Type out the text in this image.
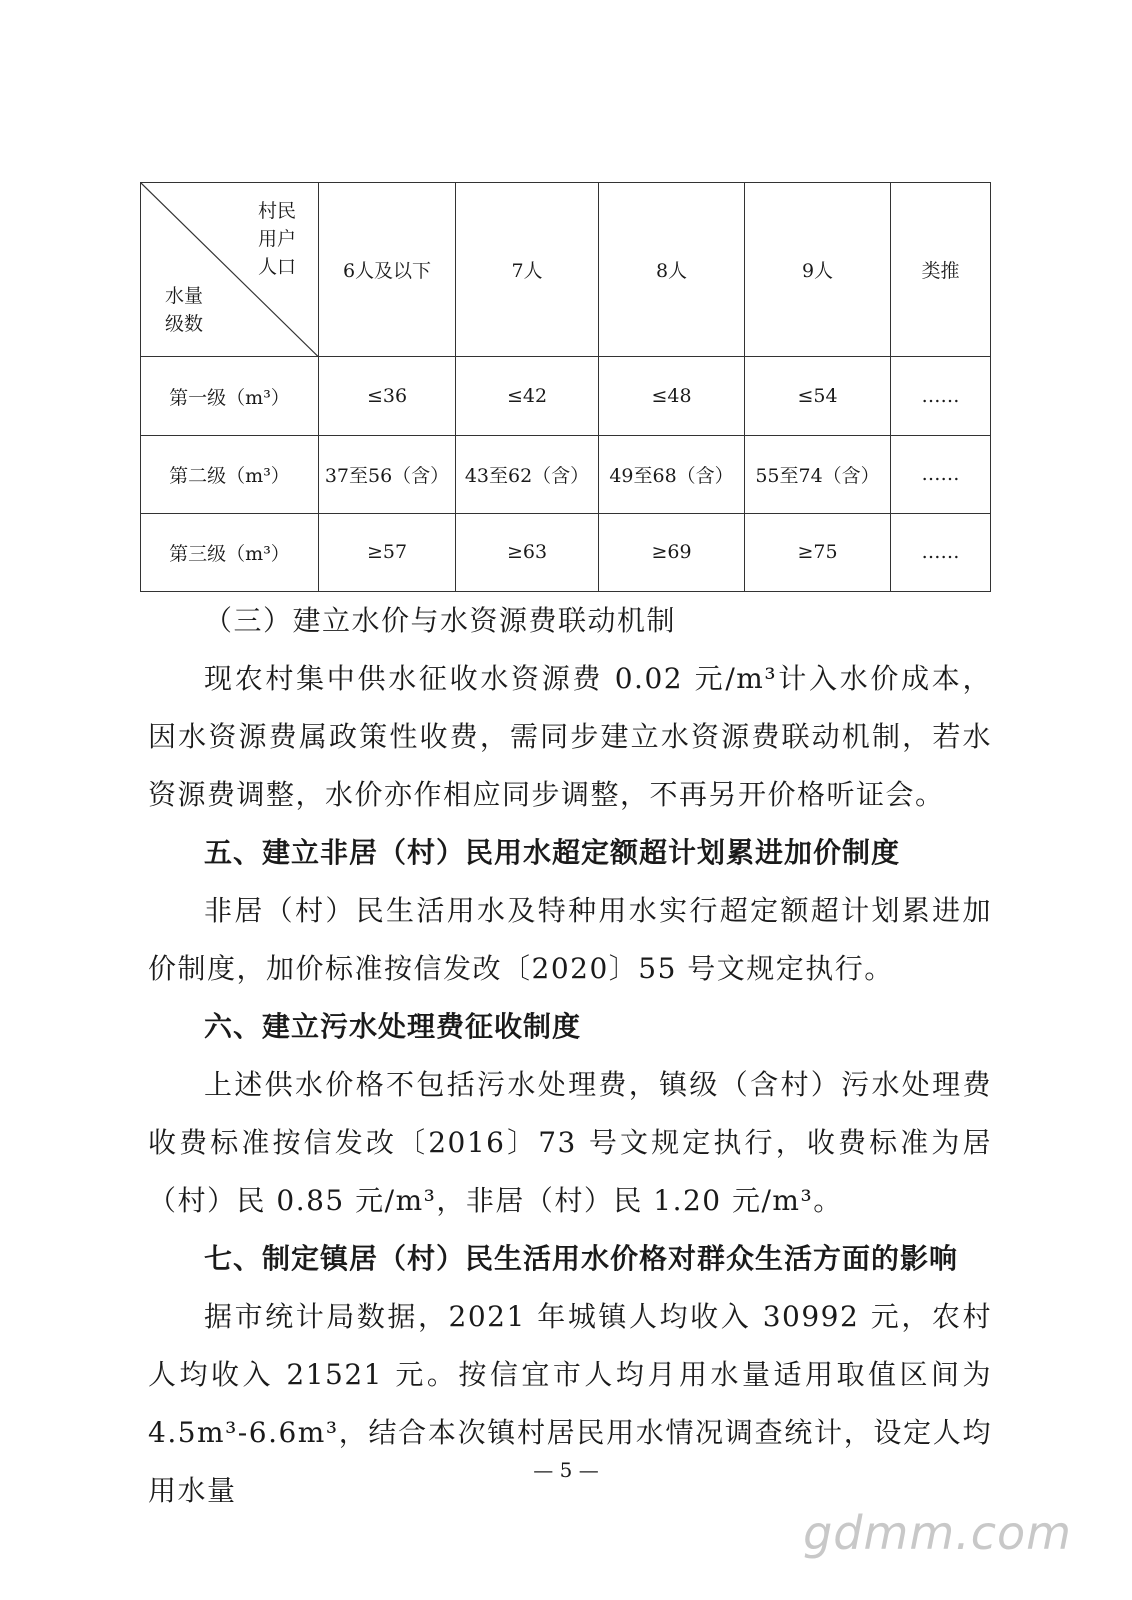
村民
用户
人口
水量
级数	6人及以下	7人	8人	9人	类推
第一级（m³）	≤36	≤42	≤48	≤54	……
第二级（m³）	37至56（含）	43至62（含）	49至68（含）	55至74（含）	……
第三级（m³）	≥57	≥63	≥69	≥75	……

（三）建立水价与水资源费联动机制

现农村集中供水征收水资源费 0.02 元/m³计入水价成本，因水资源费属政策性收费，需同步建立水资源费联动机制，若水资源费调整，水价亦作相应同步调整，不再另开价格听证会。

五、建立非居（村）民用水超定额超计划累进加价制度

非居（村）民生活用水及特种用水实行超定额超计划累进加价制度，加价标准按信发改〔2020〕55 号文规定执行。

六、建立污水处理费征收制度

上述供水价格不包括污水处理费，镇级（含村）污水处理费收费标准按信发改〔2016〕73 号文规定执行，收费标准为居（村）民 0.85 元/m³，非居（村）民 1.20 元/m³。

七、制定镇居（村）民生活用水价格对群众生活方面的影响

据市统计局数据，2021 年城镇人均收入 30992 元，农村人均收入 21521 元。按信宜市人均月用水量适用取值区间为 4.5m³-6.6m³，结合本次镇村居民用水情况调查统计，设定人均用水量

— 5 —
gdmm.com
